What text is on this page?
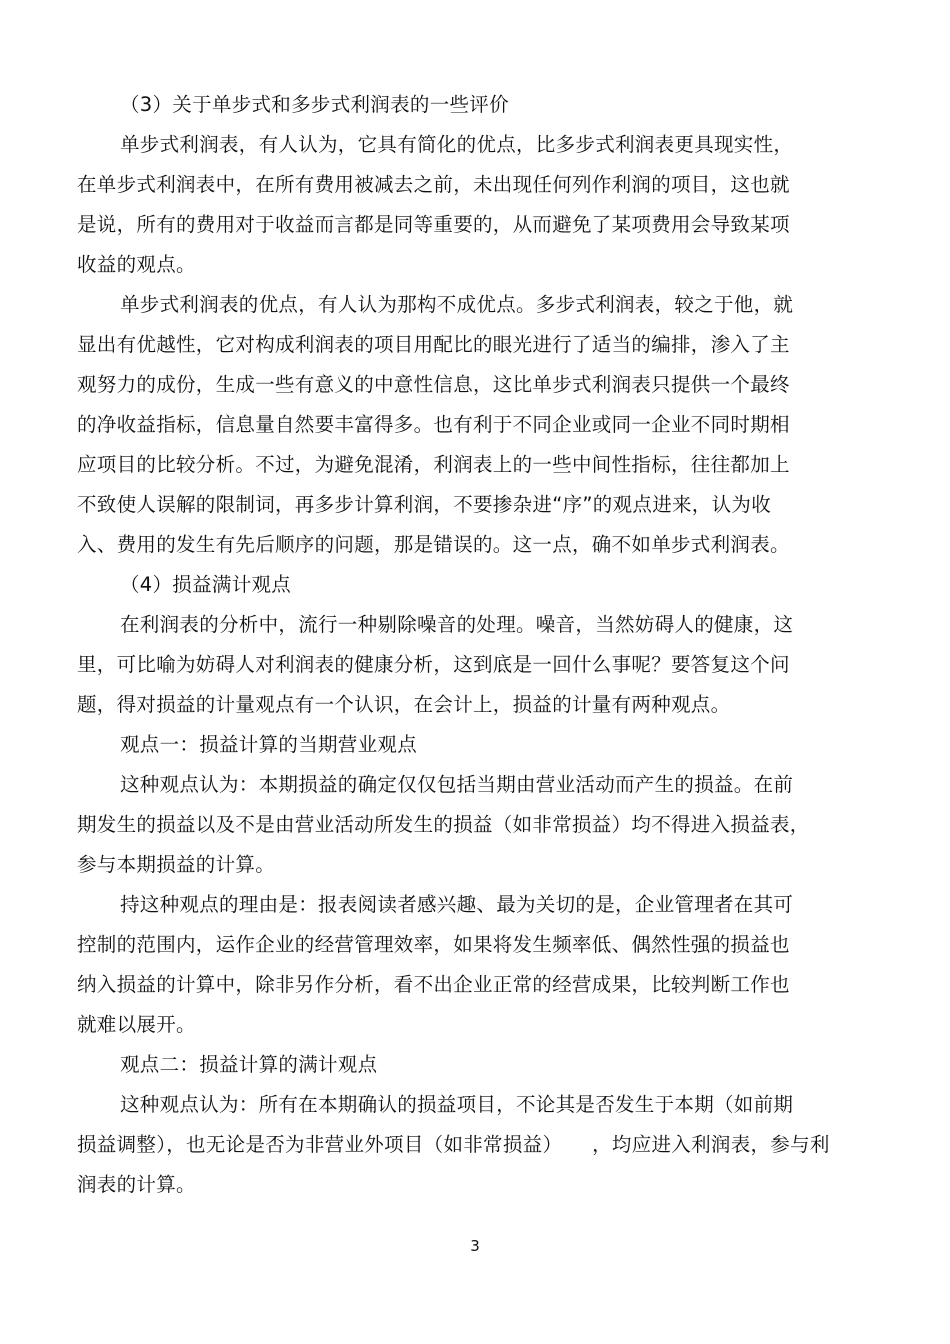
（3）关于单步式和多步式利润表的一些评价
单步式利润表，有人认为，它具有简化的优点，比多步式利润表更具现实性，
在单步式利润表中，在所有费用被减去之前，未出现任何列作利润的项目，这也就
是说，所有的费用对于收益而言都是同等重要的，从而避免了某项费用会导致某项
收益的观点。
单步式利润表的优点，有人认为那构不成优点。多步式利润表，较之于他，就
显出有优越性，它对构成利润表的项目用配比的眼光进行了适当的编排，渗入了主
观努力的成份，生成一些有意义的中意性信息，这比单步式利润表只提供一个最终
的净收益指标，信息量自然要丰富得多。也有利于不同企业或同一企业不同时期相
应项目的比较分析。不过，为避免混淆，利润表上的一些中间性指标，往往都加上
不致使人误解的限制词，再多步计算利润，不要掺杂进“序”的观点进来，认为收
入、费用的发生有先后顺序的问题，那是错误的。这一点，确不如单步式利润表。
（4）损益满计观点
在利润表的分析中，流行一种剔除噪音的处理。噪音，当然妨碍人的健康，这
里，可比喻为妨碍人对利润表的健康分析，这到底是一回什么事呢？要答复这个问
题，得对损益的计量观点有一个认识，在会计上，损益的计量有两种观点。
观点一：损益计算的当期营业观点
这种观点认为：本期损益的确定仅仅包括当期由营业活动而产生的损益。在前
期发生的损益以及不是由营业活动所发生的损益（如非常损益）均不得进入损益表，
参与本期损益的计算。
持这种观点的理由是：报表阅读者感兴趣、最为关切的是，企业管理者在其可
控制的范围内，运作企业的经营管理效率，如果将发生频率低、偶然性强的损益也
纳入损益的计算中，除非另作分析，看不出企业正常的经营成果，比较判断工作也
就难以展开。
观点二：损益计算的满计观点
这种观点认为：所有在本期确认的损益项目，不论其是否发生于本期（如前期
损益调整），也无论是否为非营业外项目（如非常损益）　　，均应进入利润表，参与利
润表的计算。
3
